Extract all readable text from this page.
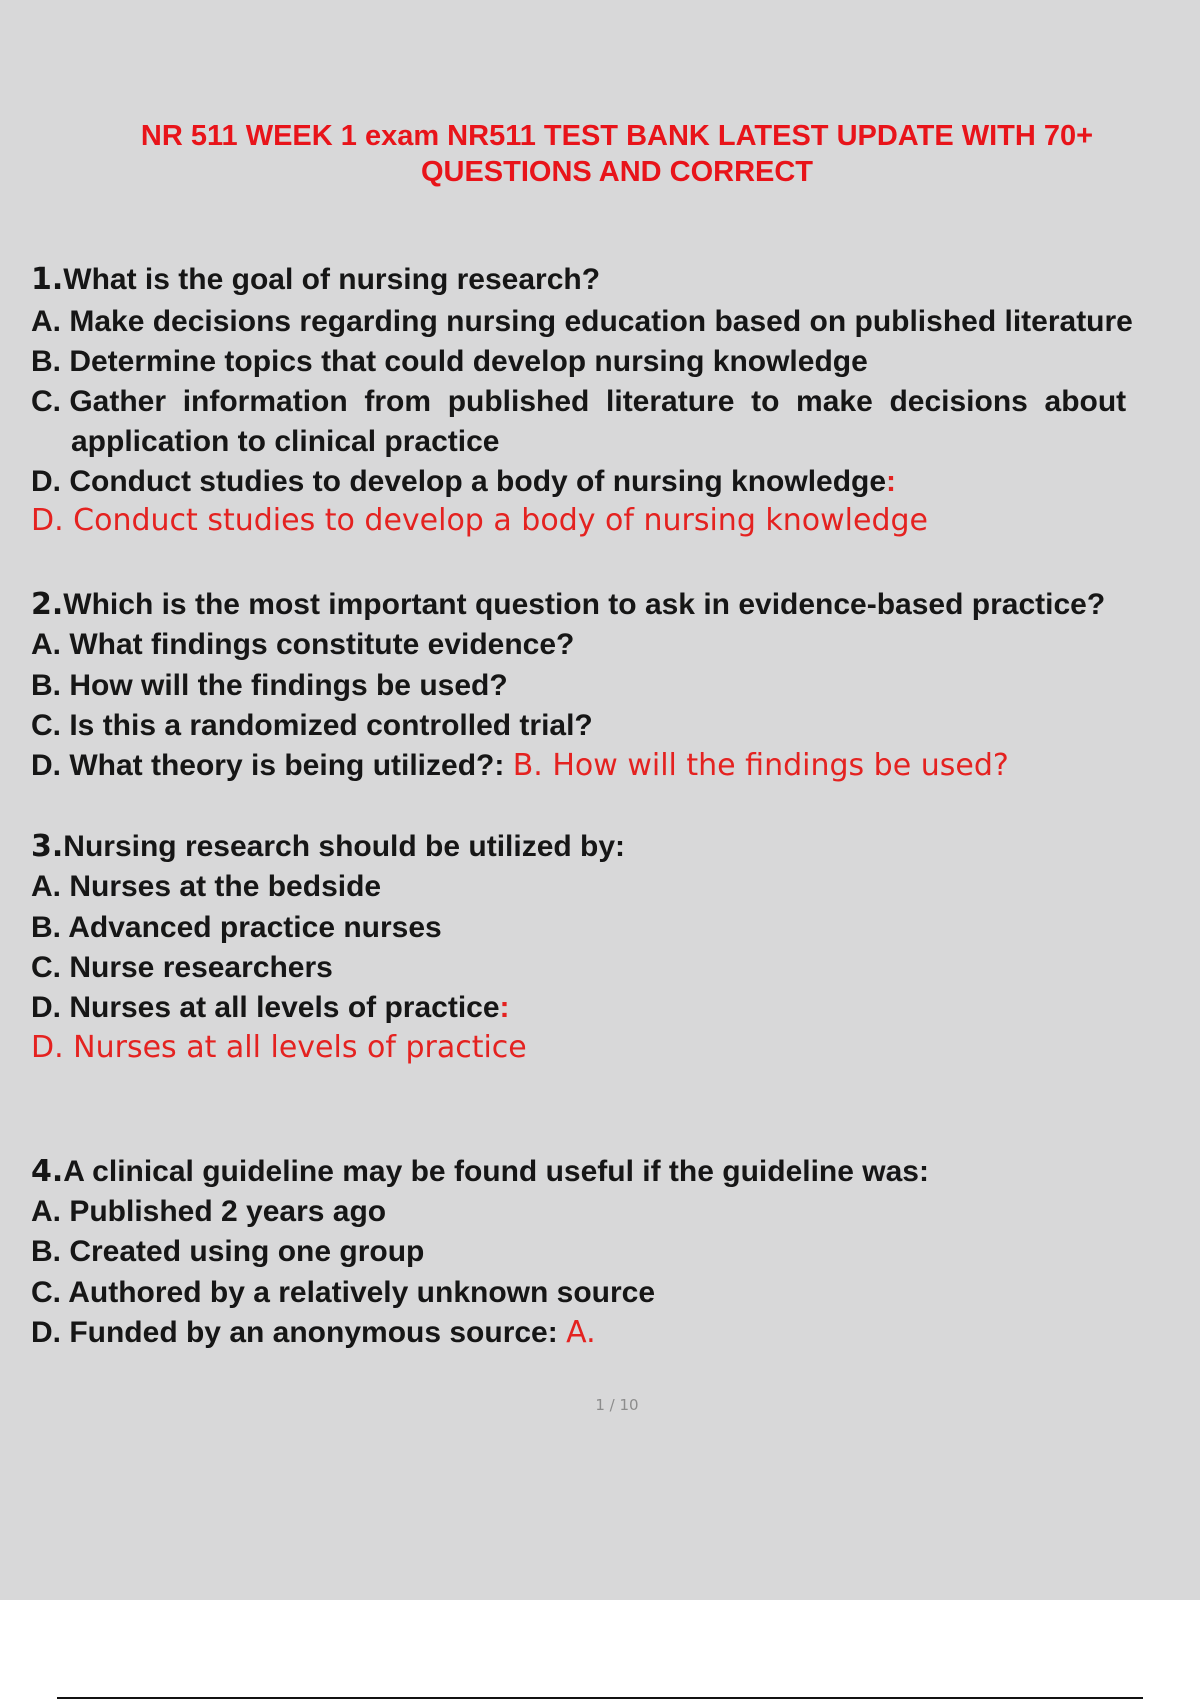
NR 511 WEEK 1 exam NR511 TEST BANK LATEST UPDATE WITH 70+
QUESTIONS AND CORRECT
1.What is the goal of nursing research?
A. Make decisions regarding nursing education based on published literature
B. Determine topics that could develop nursing knowledge
C. Gather  information  from  published  literature  to  make  decisions  about
application to clinical practice
D. Conduct studies to develop a body of nursing knowledge:
D. Conduct studies to develop a body of nursing knowledge
2.Which is the most important question to ask in evidence-based practice?
A. What findings constitute evidence?
B. How will the findings be used?
C. Is this a randomized controlled trial?
D. What theory is being utilized?: B. How will the findings be used?
3.Nursing research should be utilized by:
A. Nurses at the bedside
B. Advanced practice nurses
C. Nurse researchers
D. Nurses at all levels of practice:
D. Nurses at all levels of practice
4.A clinical guideline may be found useful if the guideline was:
A. Published 2 years ago
B. Created using one group
C. Authored by a relatively unknown source
D. Funded by an anonymous source: A.
1 / 10
